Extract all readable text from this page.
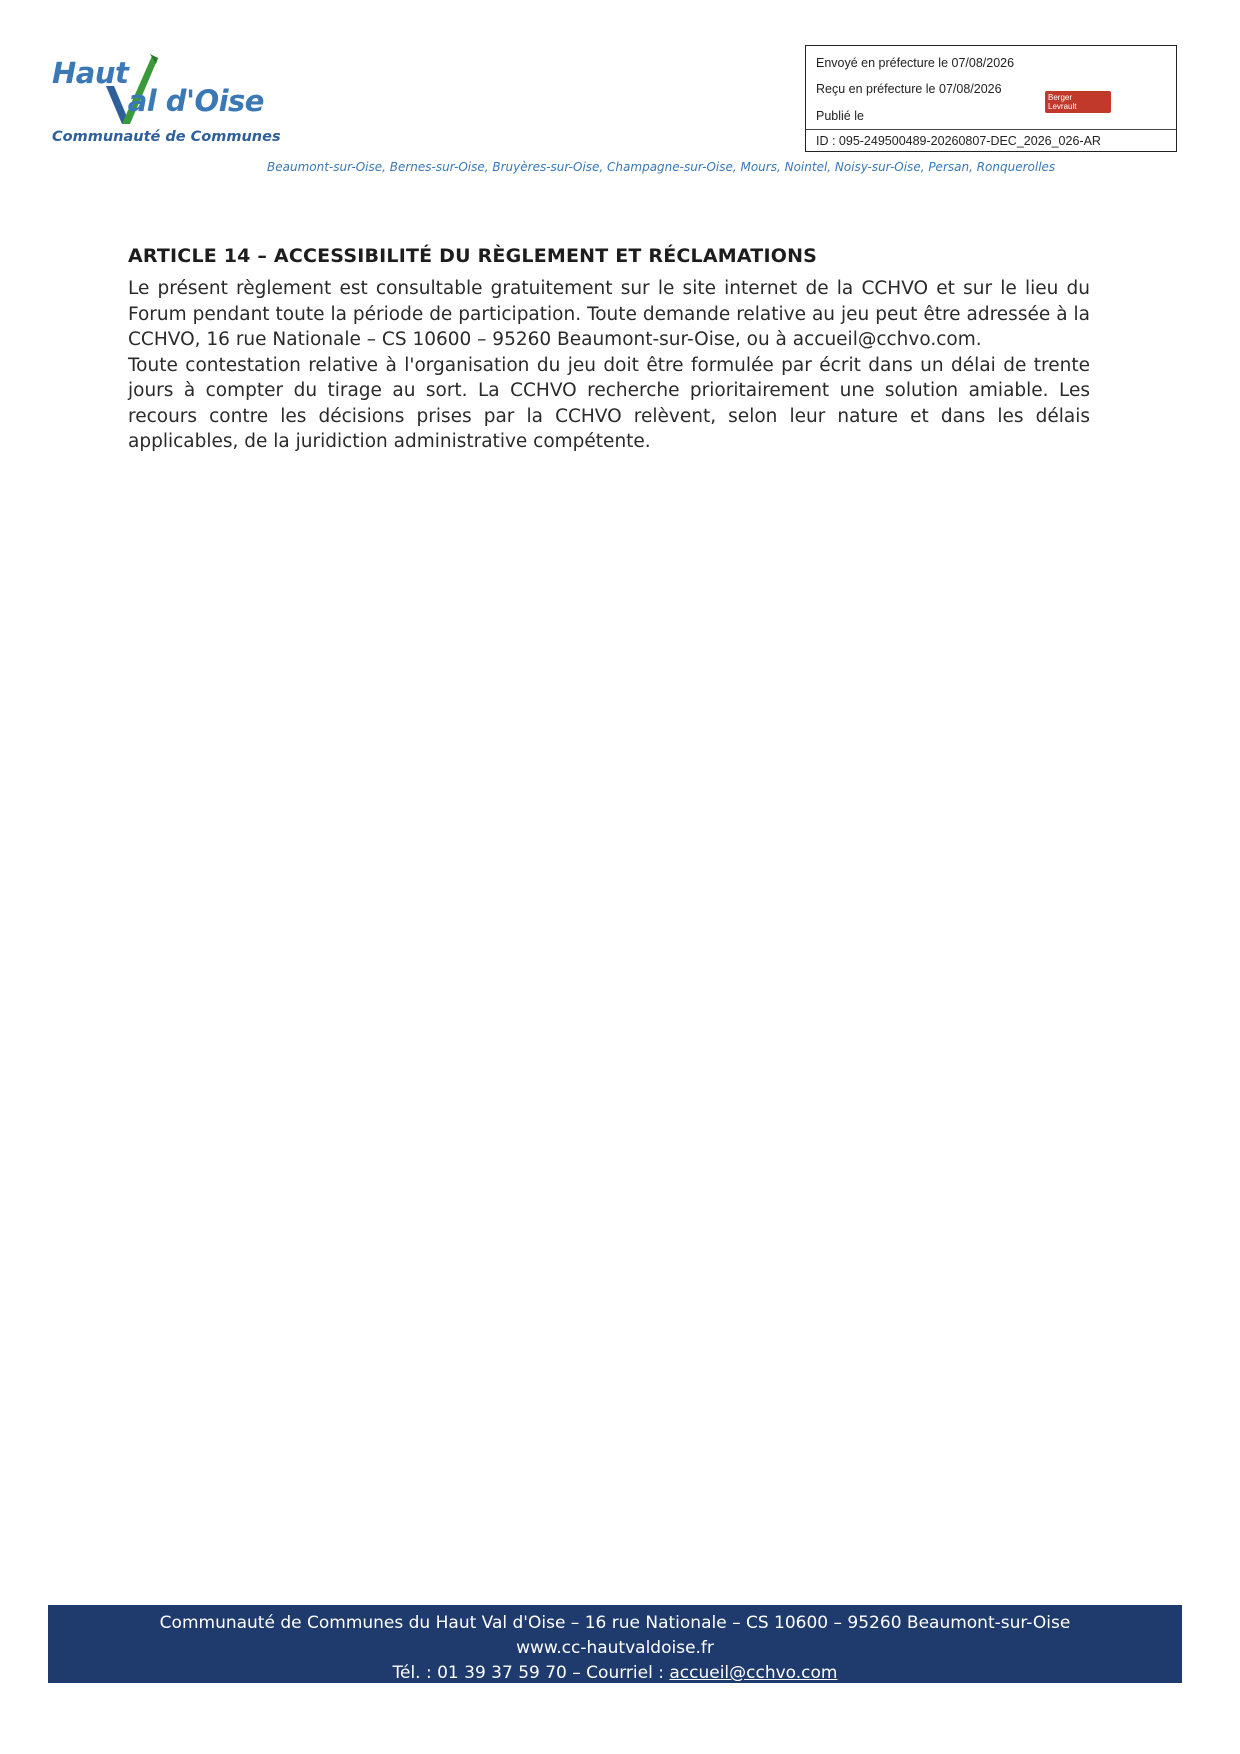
Haut
al d'Oise
Communauté de Communes
Envoyé en préfecture le 07/08/2026
Reçu en préfecture le 07/08/2026
Publié le
ID : 095-249500489-20260807-DEC_2026_026-AR
Berger
Levrault
Beaumont-sur-Oise, Bernes-sur-Oise, Bruyères-sur-Oise, Champagne-sur-Oise, Mours, Nointel, Noisy-sur-Oise, Persan, Ronquerolles
ARTICLE 14 – ACCESSIBILITÉ DU RÈGLEMENT ET RÉCLAMATIONS

Le présent règlement est consultable gratuitement sur le site internet de la CCHVO et sur le lieu du Forum pendant toute la période de participation. Toute demande relative au jeu peut être adressée à la CCHVO, 16 rue Nationale – CS 10600 – 95260 Beaumont-sur-Oise, ou à accueil@cchvo.com.

Toute contestation relative à l'organisation du jeu doit être formulée par écrit dans un délai de trente jours à compter du tirage au sort. La CCHVO recherche prioritairement une solution amiable. Les recours contre les décisions prises par la CCHVO relèvent, selon leur nature et dans les délais applicables, de la juridiction administrative compétente.

Communauté de Communes du Haut Val d'Oise – 16 rue Nationale – CS 10600 – 95260 Beaumont-sur-Oise
www.cc-hautvaldoise.fr
Tél. : 01 39 37 59 70 – Courriel : accueil@cchvo.com
